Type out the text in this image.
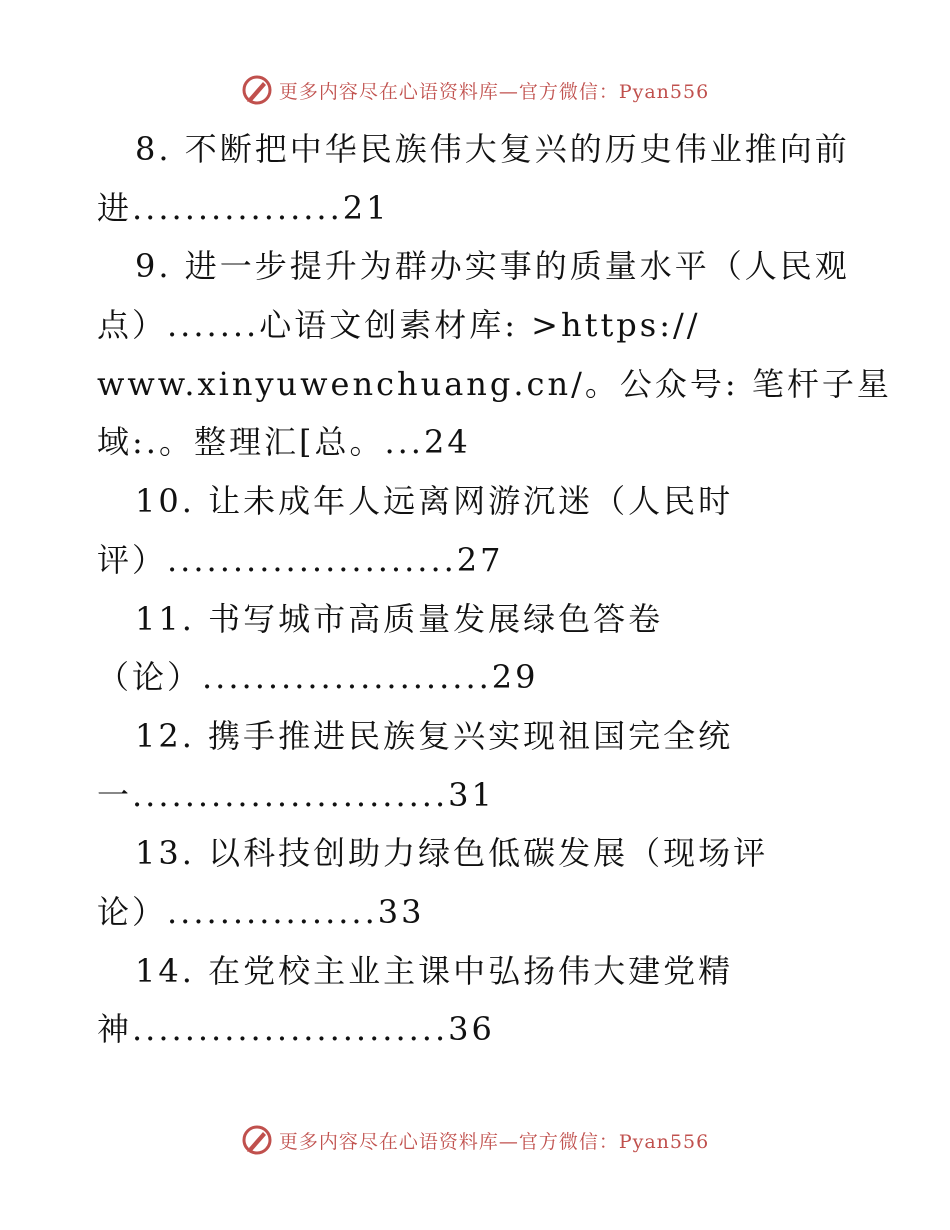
更多内容尽在心语资料库—官方微信：Pyan556
8. 不断把中华民族伟大复兴的历史伟业推向前
进................21
9. 进一步提升为群办实事的质量水平（人民观
点）.......心语文创素材库: >https://
www.xinyuwenchuang.cn/。公众号: 笔杆子星
域:.。整理汇[总。...24
10. 让未成年人远离网游沉迷（人民时
评）......................27
11. 书写城市高质量发展绿色答卷
（论）......................29
12. 携手推进民族复兴实现祖国完全统
一........................31
13. 以科技创助力绿色低碳发展（现场评
论）................33
14. 在党校主业主课中弘扬伟大建党精
神........................36
更多内容尽在心语资料库—官方微信：Pyan556
